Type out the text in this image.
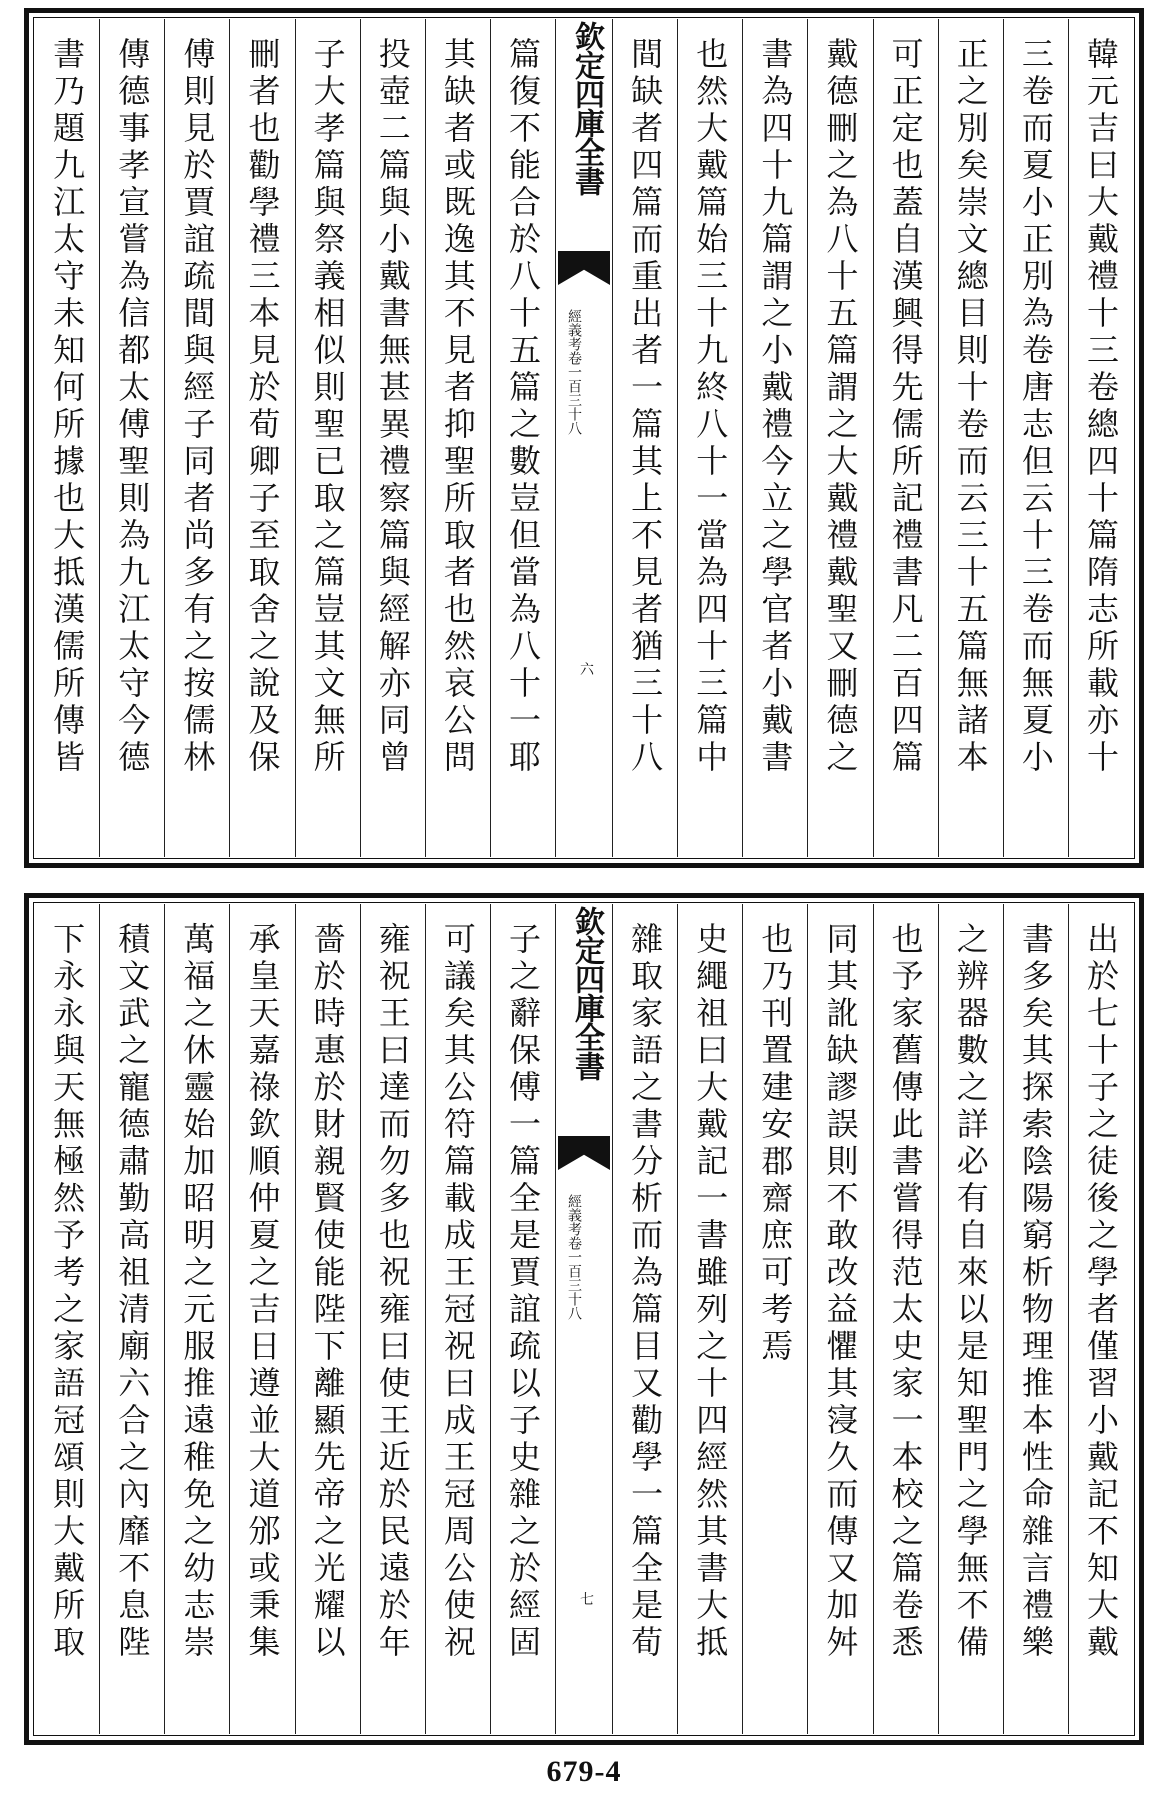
韓元吉曰大戴禮十三卷總四十篇隋志所載亦十
三卷而夏小正別為卷唐志但云十三卷而無夏小
正之別矣崇文總目則十卷而云三十五篇無諸本
可正定也蓋自漢興得先儒所記禮書凡二百四篇
戴德刪之為八十五篇謂之大戴禮戴聖又刪德之
書為四十九篇謂之小戴禮今立之學官者小戴書
也然大戴篇始三十九終八十一當為四十三篇中
間缺者四篇而重出者一篇其上不見者猶三十八
欽定四庫全書
經義考卷一百三十八
六
篇復不能合於八十五篇之數豈但當為八十一耶
其缺者或既逸其不見者抑聖所取者也然哀公問
投壺二篇與小戴書無甚異禮察篇與經解亦同曾
子大孝篇與祭義相似則聖已取之篇豈其文無所
刪者也勸學禮三本見於荀卿子至取舍之說及保
傅則見於賈誼疏間與經子同者尚多有之按儒林
傳德事孝宣嘗為信都太傅聖則為九江太守今德
書乃題九江太守未知何所據也大抵漢儒所傳皆
出於七十子之徒後之學者僅習小戴記不知大戴
書多矣其探索陰陽窮析物理推本性命雜言禮樂
之辨器數之詳必有自來以是知聖門之學無不備
也予家舊傳此書嘗得范太史家一本校之篇卷悉
同其訛缺謬誤則不敢改益懼其寖久而傳又加舛
也乃刊置建安郡齋庶可考焉
史繩祖曰大戴記一書雖列之十四經然其書大抵
雜取家語之書分析而為篇目又勸學一篇全是荀
欽定四庫全書
經義考卷一百三十八
七
子之辭保傅一篇全是賈誼疏以子史雜之於經固
可議矣其公符篇載成王冠祝曰成王冠周公使祝
雍祝王曰達而勿多也祝雍曰使王近於民遠於年
嗇於時惠於財親賢使能陛下離顯先帝之光耀以
承皇天嘉祿欽順仲夏之吉日遵並大道邠或秉集
萬福之休靈始加昭明之元服推遠稚免之幼志崇
積文武之寵德肅勤高祖清廟六合之內靡不息陛
下永永與天無極然予考之家語冠頌則大戴所取
679-4
